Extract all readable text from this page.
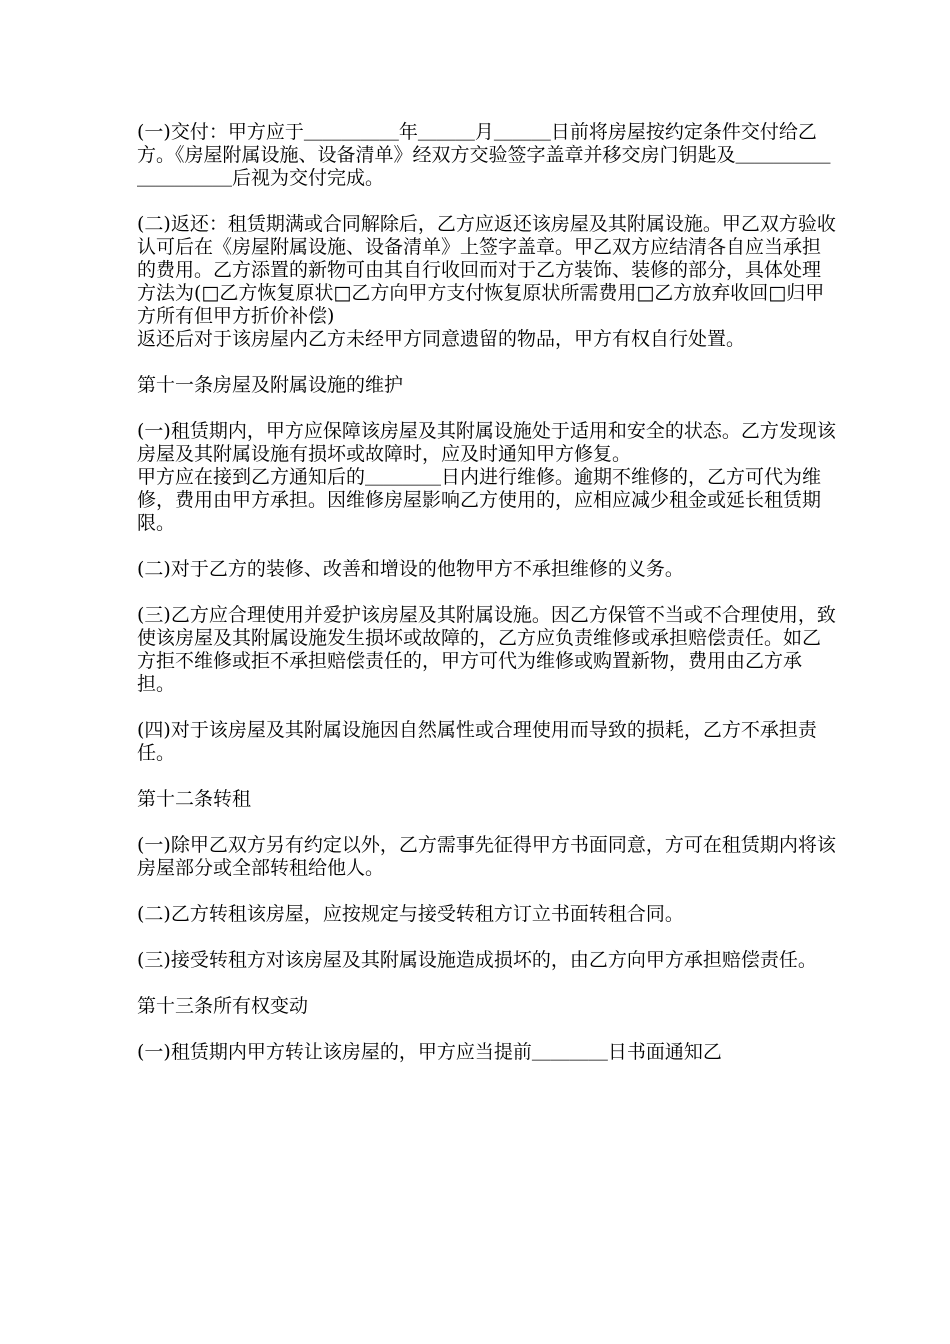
(一)交付：甲方应于＿＿＿＿＿年＿＿＿月＿＿＿日前将房屋按约定条件交付给乙方。《房屋附属设施、设备清单》经双方交验签字盖章并移交房门钥匙及＿＿＿＿＿＿＿＿＿＿后视为交付完成。

(二)返还：租赁期满或合同解除后，乙方应返还该房屋及其附属设施。甲乙双方验收认可后在《房屋附属设施、设备清单》上签字盖章。甲乙双方应结清各自应当承担的费用。乙方添置的新物可由其自行收回而对于乙方装饰、装修的部分，具体处理方法为(□乙方恢复原状□乙方向甲方支付恢复原状所需费用□乙方放弃收回□归甲方所有但甲方折价补偿)

返还后对于该房屋内乙方未经甲方同意遗留的物品，甲方有权自行处置。

第十一条房屋及附属设施的维护

(一)租赁期内，甲方应保障该房屋及其附属设施处于适用和安全的状态。乙方发现该房屋及其附属设施有损坏或故障时，应及时通知甲方修复。

甲方应在接到乙方通知后的＿＿＿＿日内进行维修。逾期不维修的，乙方可代为维修，费用由甲方承担。因维修房屋影响乙方使用的，应相应减少租金或延长租赁期限。

(二)对于乙方的装修、改善和增设的他物甲方不承担维修的义务。

(三)乙方应合理使用并爱护该房屋及其附属设施。因乙方保管不当或不合理使用，致使该房屋及其附属设施发生损坏或故障的，乙方应负责维修或承担赔偿责任。如乙方拒不维修或拒不承担赔偿责任的，甲方可代为维修或购置新物，费用由乙方承担。

(四)对于该房屋及其附属设施因自然属性或合理使用而导致的损耗，乙方不承担责任。

第十二条转租

(一)除甲乙双方另有约定以外，乙方需事先征得甲方书面同意，方可在租赁期内将该房屋部分或全部转租给他人。

(二)乙方转租该房屋，应按规定与接受转租方订立书面转租合同。

(三)接受转租方对该房屋及其附属设施造成损坏的，由乙方向甲方承担赔偿责任。

第十三条所有权变动

(一)租赁期内甲方转让该房屋的，甲方应当提前＿＿＿＿日书面通知乙
